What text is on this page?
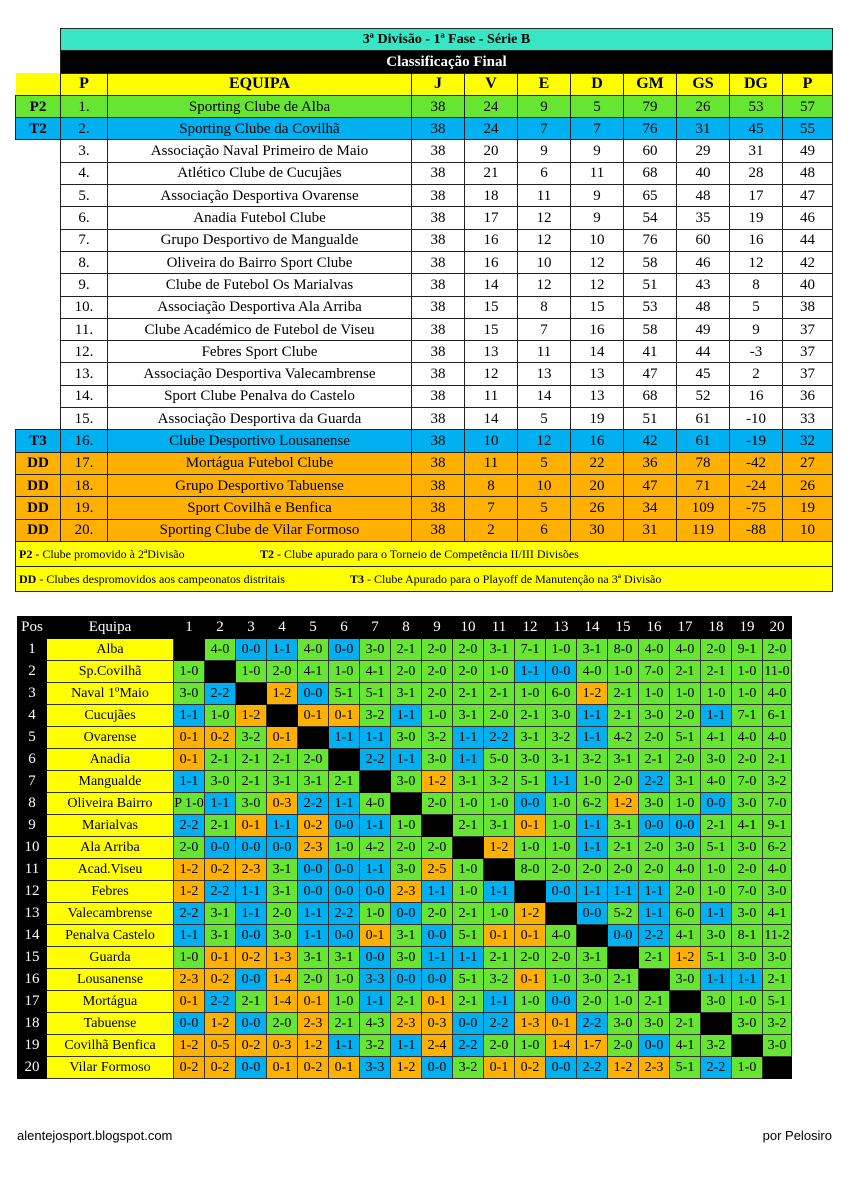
	3ª Divisão - 1ª Fase - Série B									
	Classificação Final									
	P	EQUIPA	J	V	E	D	GM	GS	DG	P
P2	1.	Sporting Clube de Alba	38	24	9	5	79	26	53	57
T2	2.	Sporting Clube da Covilhã	38	24	7	7	76	31	45	55
	3.	Associação Naval Primeiro de Maio	38	20	9	9	60	29	31	49
	4.	Atlético Clube de Cucujães	38	21	6	11	68	40	28	48
	5.	Associação Desportiva Ovarense	38	18	11	9	65	48	17	47
	6.	Anadia Futebol Clube	38	17	12	9	54	35	19	46
	7.	Grupo Desportivo de Mangualde	38	16	12	10	76	60	16	44
	8.	Oliveira do Bairro Sport Clube	38	16	10	12	58	46	12	42
	9.	Clube de Futebol Os Marialvas	38	14	12	12	51	43	8	40
	10.	Associação Desportiva Ala Arriba	38	15	8	15	53	48	5	38
	11.	Clube Académico de Futebol de Viseu	38	15	7	16	58	49	9	37
	12.	Febres Sport Clube	38	13	11	14	41	44	-3	37
	13.	Associação Desportiva Valecambrense	38	12	13	13	47	45	2	37
	14.	Sport Clube Penalva do Castelo	38	11	14	13	68	52	16	36
	15.	Associação Desportiva da Guarda	38	14	5	19	51	61	-10	33
T3	16.	Clube Desportivo Lousanense	38	10	12	16	42	61	-19	32
DD	17.	Mortágua Futebol Clube	38	11	5	22	36	78	-42	27
DD	18.	Grupo Desportivo Tabuense	38	8	10	20	47	71	-24	26
DD	19.	Sport Covilhã e Benfica	38	7	5	26	34	109	-75	19
DD	20.	Sporting Clube de Vilar Formoso	38	2	6	30	31	119	-88	10
P2 - Clube promovido à 2ªDivisão T2 - Clube apurado para o Torneio de Competência II/III Divisões										
DD - Clubes despromovidos aos campeonatos distritais T3 - Clube Apurado para o Playoff de Manutenção na 3ª Divisão										
Pos	Equipa	1	2	3	4	5	6	7	8	9	10	11	12	13	14	15	16	17	18	19	20
1	Alba		4-0	0-0	1-1	4-0	0-0	3-0	2-1	2-0	2-0	3-1	7-1	1-0	3-1	8-0	4-0	4-0	2-0	9-1	2-0
2	Sp.Covilhã	1-0		1-0	2-0	4-1	1-0	4-1	2-0	2-0	2-0	1-0	1-1	0-0	4-0	1-0	7-0	2-1	2-1	1-0	11-0
3	Naval 1ºMaio	3-0	2-2		1-2	0-0	5-1	5-1	3-1	2-0	2-1	2-1	1-0	6-0	1-2	2-1	1-0	1-0	1-0	1-0	4-0
4	Cucujães	1-1	1-0	1-2		0-1	0-1	3-2	1-1	1-0	3-1	2-0	2-1	3-0	1-1	2-1	3-0	2-0	1-1	7-1	6-1
5	Ovarense	0-1	0-2	3-2	0-1		1-1	1-1	3-0	3-2	1-1	2-2	3-1	3-2	1-1	4-2	2-0	5-1	4-1	4-0	4-0
6	Anadia	0-1	2-1	2-1	2-1	2-0		2-2	1-1	3-0	1-1	5-0	3-0	3-1	3-2	3-1	2-1	2-0	3-0	2-0	2-1
7	Mangualde	1-1	3-0	2-1	3-1	3-1	2-1		3-0	1-2	3-1	3-2	5-1	1-1	1-0	2-0	2-2	3-1	4-0	7-0	3-2
8	Oliveira Bairro	P 1-0	1-1	3-0	0-3	2-2	1-1	4-0		2-0	1-0	1-0	0-0	1-0	6-2	1-2	3-0	1-0	0-0	3-0	7-0
9	Marialvas	2-2	2-1	0-1	1-1	0-2	0-0	1-1	1-0		2-1	3-1	0-1	1-0	1-1	3-1	0-0	0-0	2-1	4-1	9-1
10	Ala Arriba	2-0	0-0	0-0	0-0	2-3	1-0	4-2	2-0	2-0		1-2	1-0	1-0	1-1	2-1	2-0	3-0	5-1	3-0	6-2
11	Acad.Viseu	1-2	0-2	2-3	3-1	0-0	0-0	1-1	3-0	2-5	1-0		8-0	2-0	2-0	2-0	2-0	4-0	1-0	2-0	4-0
12	Febres	1-2	2-2	1-1	3-1	0-0	0-0	0-0	2-3	1-1	1-0	1-1		0-0	1-1	1-1	1-1	2-0	1-0	7-0	3-0
13	Valecambrense	2-2	3-1	1-1	2-0	1-1	2-2	1-0	0-0	2-0	2-1	1-0	1-2		0-0	5-2	1-1	6-0	1-1	3-0	4-1
14	Penalva Castelo	1-1	3-1	0-0	3-0	1-1	0-0	0-1	3-1	0-0	5-1	0-1	0-1	4-0		0-0	2-2	4-1	3-0	8-1	11-2
15	Guarda	1-0	0-1	0-2	1-3	3-1	3-1	0-0	3-0	1-1	1-1	2-1	2-0	2-0	3-1		2-1	1-2	5-1	3-0	3-0
16	Lousanense	2-3	0-2	0-0	1-4	2-0	1-0	3-3	0-0	0-0	5-1	3-2	0-1	1-0	3-0	2-1		3-0	1-1	1-1	2-1
17	Mortágua	0-1	2-2	2-1	1-4	0-1	1-0	1-1	2-1	0-1	2-1	1-1	1-0	0-0	2-0	1-0	2-1		3-0	1-0	5-1
18	Tabuense	0-0	1-2	0-0	2-0	2-3	2-1	4-3	2-3	0-3	0-0	2-2	1-3	0-1	2-2	3-0	3-0	2-1		3-0	3-2
19	Covilhã Benfica	1-2	0-5	0-2	0-3	1-2	1-1	3-2	1-1	2-4	2-2	2-0	1-0	1-4	1-7	2-0	0-0	4-1	3-2		3-0
20	Vilar Formoso	0-2	0-2	0-0	0-1	0-2	0-1	3-3	1-2	0-0	3-2	0-1	0-2	0-0	2-2	1-2	2-3	5-1	2-2	1-0	
alentejosport.blogspot.com	por Pelosiro
